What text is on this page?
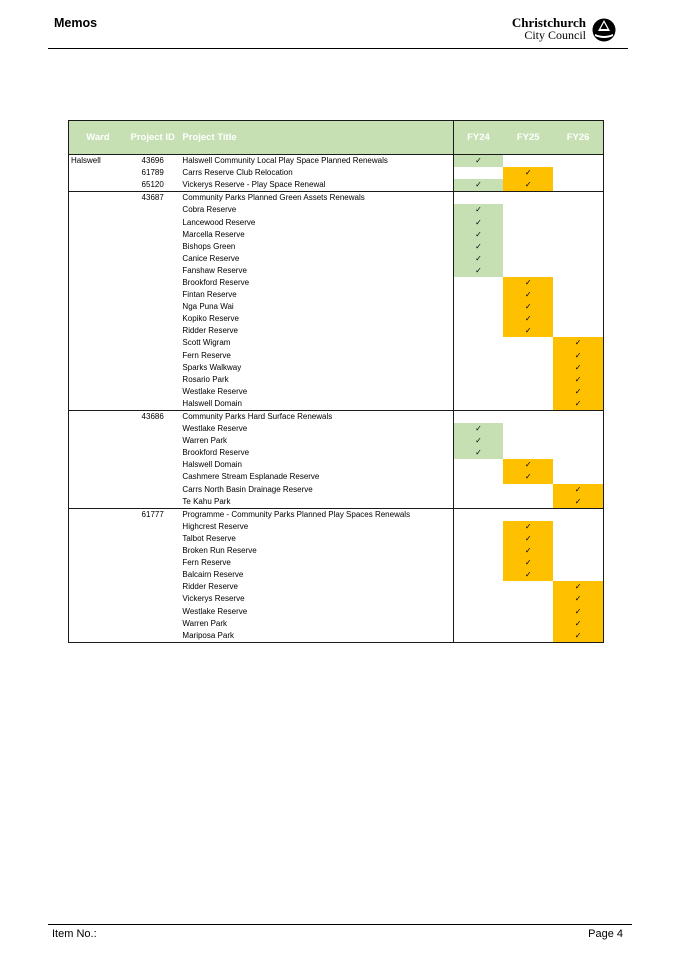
Memos	Christchurch
City Council
Ward	Project ID	Project Title	FY24	FY25	FY26
Halswell	43696	Halswell Community Local Play Space Planned Renewals	✓		
	61789	Carrs Reserve Club Relocation		✓	
	65120	Vickerys Reserve - Play Space Renewal	✓	✓	
	43687	Community Parks Planned Green Assets Renewals			
		Cobra Reserve	✓		
		Lancewood Reserve	✓		
		Marcella Reserve	✓		
		Bishops Green	✓		
		Canice Reserve	✓		
		Fanshaw Reserve	✓		
		Brookford Reserve		✓	
		Fintan Reserve		✓	
		Nga Puna Wai		✓	
		Kopiko Reserve		✓	
		Ridder Reserve		✓	
		Scott Wigram			✓
		Fern Reserve			✓
		Sparks Walkway			✓
		Rosario Park			✓
		Westlake Reserve			✓
		Halswell Domain			✓
	43686	Community Parks Hard Surface Renewals			
		Westlake Reserve	✓		
		Warren Park	✓		
		Brookford Reserve	✓		
		Halswell Domain		✓	
		Cashmere Stream Esplanade Reserve		✓	
		Carrs North Basin Drainage Reserve			✓
		Te Kahu Park			✓
	61777	Programme - Community Parks Planned Play Spaces Renewals			
		Highcrest Reserve		✓	
		Talbot Reserve		✓	
		Broken Run Reserve		✓	
		Fern Reserve		✓	
		Balcairn Reserve		✓	
		Ridder Reserve			✓
		Vickerys Reserve			✓
		Westlake Reserve			✓
		Warren Park			✓
		Mariposa Park			✓
Item No.:	Page 4
